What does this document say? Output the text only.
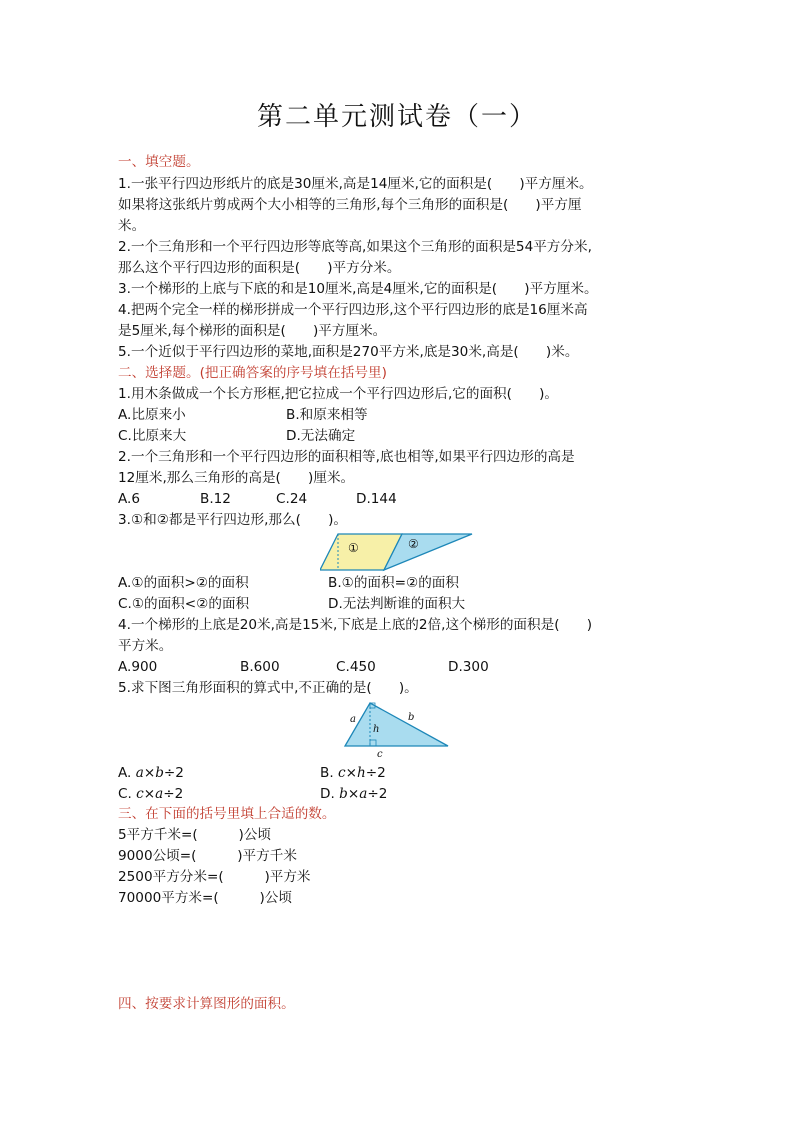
第二单元测试卷（一）
一、填空题。
1.一张平行四边形纸片的底是30厘米,高是14厘米,它的面积是(　　)平方厘米。
如果将这张纸片剪成两个大小相等的三角形,每个三角形的面积是(　　)平方厘
米。
2.一个三角形和一个平行四边形等底等高,如果这个三角形的面积是54平方分米,
那么这个平行四边形的面积是(　　)平方分米。
3.一个梯形的上底与下底的和是10厘米,高是4厘米,它的面积是(　　)平方厘米。
4.把两个完全一样的梯形拼成一个平行四边形,这个平行四边形的底是16厘米高
是5厘米,每个梯形的面积是(　　)平方厘米。
5.一个近似于平行四边形的菜地,面积是270平方米,底是30米,高是(　　)米。
二、选择题。(把正确答案的序号填在括号里)
1.用木条做成一个长方形框,把它拉成一个平行四边形后,它的面积(　　)。
A.比原来小	B.和原来相等
C.比原来大	D.无法确定
2.一个三角形和一个平行四边形的面积相等,底也相等,如果平行四边形的高是
12厘米,那么三角形的高是(　　)厘米。
A.6	B.12	C.24	D.144
3.①和②都是平行四边形,那么(　　)。
①	②
A.①的面积>②的面积	B.①的面积=②的面积
C.①的面积<②的面积	D.无法判断谁的面积大
4.一个梯形的上底是20米,高是15米,下底是上底的2倍,这个梯形的面积是(　　)
平方米。
A.900	B.600	C.450	D.300
5.求下图三角形面积的算式中,不正确的是(　　)。
a	b
h
c
A. a×b÷2	B. c×h÷2
C. c×a÷2	D. b×a÷2
三、在下面的括号里填上合适的数。
5平方千米=(　　　)公顷
9000公顷=(　　　)平方千米
2500平方分米=(　　　)平方米
70000平方米=(　　　)公顷
四、按要求计算图形的面积。
